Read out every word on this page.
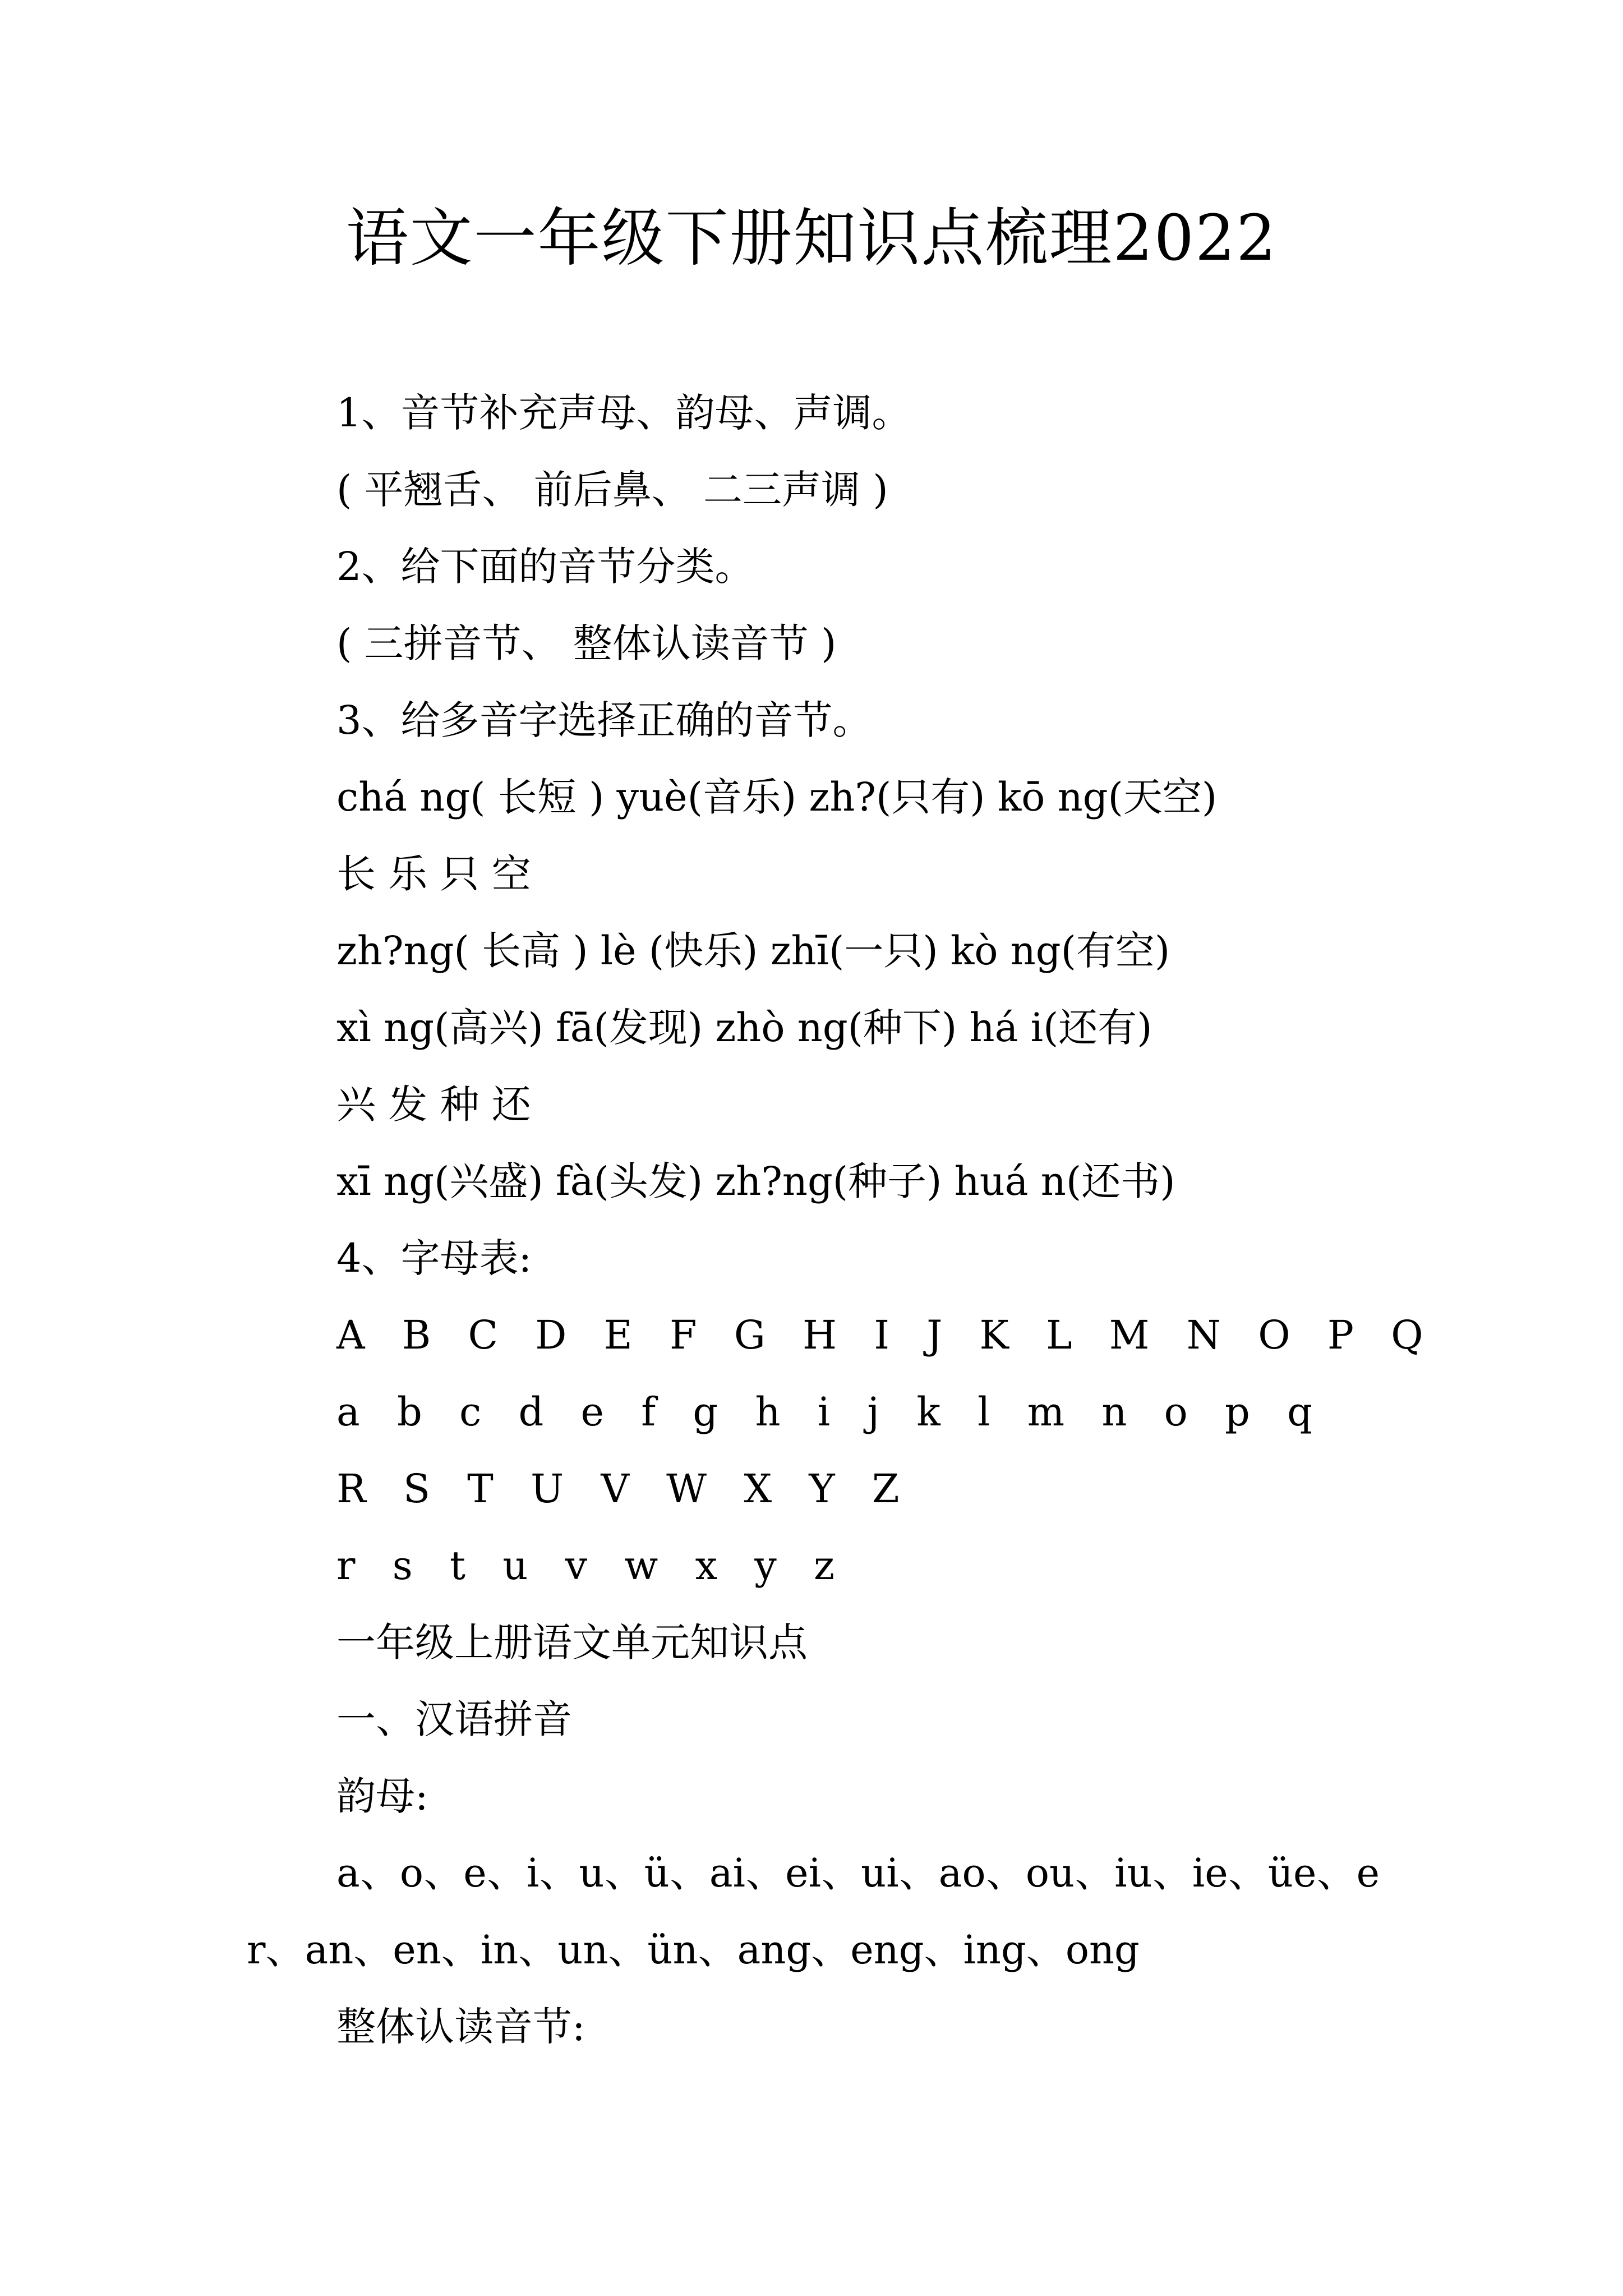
语文一年级下册知识点梳理2022
1、音节补充声母、韵母、声调。
( 平翘舌、 前后鼻、 二三声调 )
2、给下面的音节分类。
( 三拼音节、 整体认读音节 )
3、给多音字选择正确的音节。
chá ng( 长短 ) yuè(音乐) zh?(只有) kō ng(天空)
长 乐 只 空
zh?ng( 长高 ) lè (快乐) zhī(一只) kò ng(有空)
xì ng(高兴) fā(发现) zhò ng(种下) há i(还有)
兴 发 种 还
xī ng(兴盛) fà(头发) zh?ng(种子) huá n(还书)
4、字母表:
A B C D E F G H I J K L M N O P Q
a b c d e f g h i j k l m n o p q
R S T U V W X Y Z
r s t u v w x y z
一年级上册语文单元知识点
一、汉语拼音
韵母:
a、o、e、i、u、ü、ai、ei、ui、ao、ou、iu、ie、üe、er、an、en、in、un、ün、ang、eng、ing、ong
整体认读音节:
